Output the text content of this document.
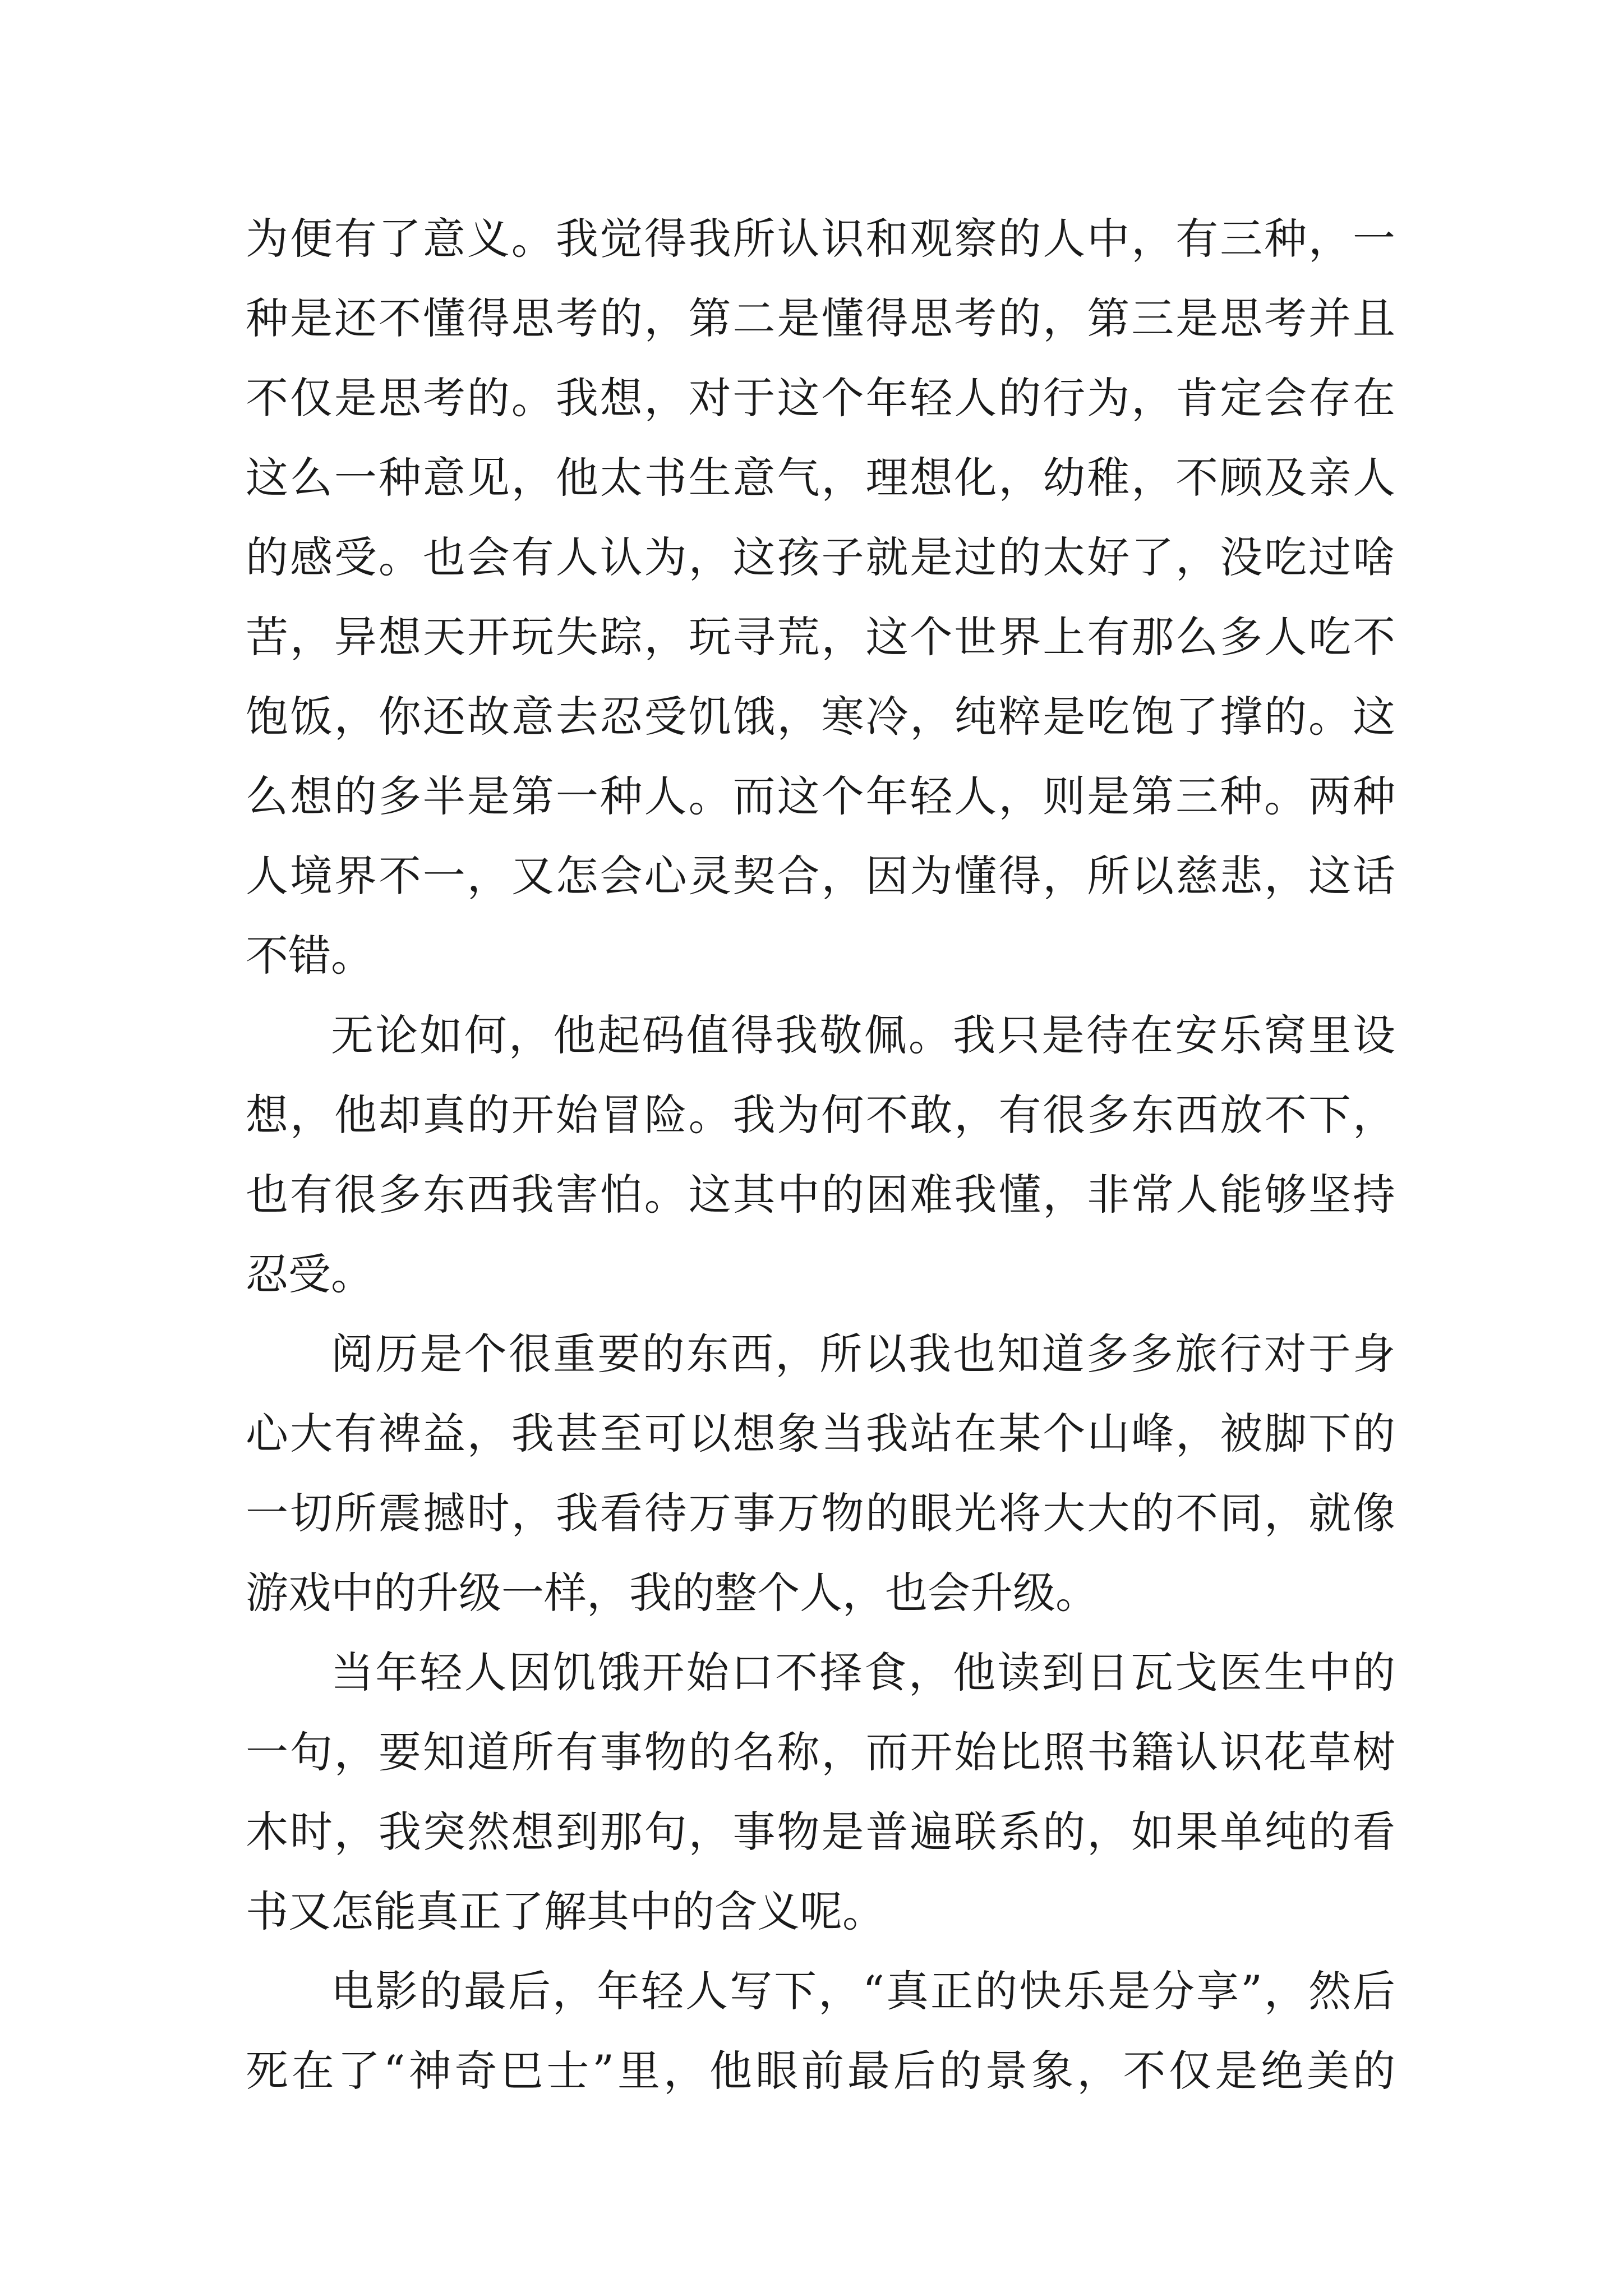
为便有了意义。我觉得我所认识和观察的人中，有三种，一
种是还不懂得思考的，第二是懂得思考的，第三是思考并且
不仅是思考的。我想，对于这个年轻人的行为，肯定会存在
这么一种意见，他太书生意气，理想化，幼稚，不顾及亲人
的感受。也会有人认为，这孩子就是过的太好了，没吃过啥
苦，异想天开玩失踪，玩寻荒，这个世界上有那么多人吃不
饱饭，你还故意去忍受饥饿，寒冷，纯粹是吃饱了撑的。这
么想的多半是第一种人。而这个年轻人，则是第三种。两种
人境界不一，又怎会心灵契合，因为懂得，所以慈悲，这话
不错。
无论如何，他起码值得我敬佩。我只是待在安乐窝里设
想，他却真的开始冒险。我为何不敢，有很多东西放不下，
也有很多东西我害怕。这其中的困难我懂，非常人能够坚持
忍受。
阅历是个很重要的东西，所以我也知道多多旅行对于身
心大有裨益，我甚至可以想象当我站在某个山峰，被脚下的
一切所震撼时，我看待万事万物的眼光将大大的不同，就像
游戏中的升级一样，我的整个人，也会升级。
当年轻人因饥饿开始口不择食，他读到日瓦戈医生中的
一句，要知道所有事物的名称，而开始比照书籍认识花草树
木时，我突然想到那句，事物是普遍联系的，如果单纯的看
书又怎能真正了解其中的含义呢。
电影的最后，年轻人写下，“真正的快乐是分享”，然后
死在了“神奇巴士”里，他眼前最后的景象，不仅是绝美的
